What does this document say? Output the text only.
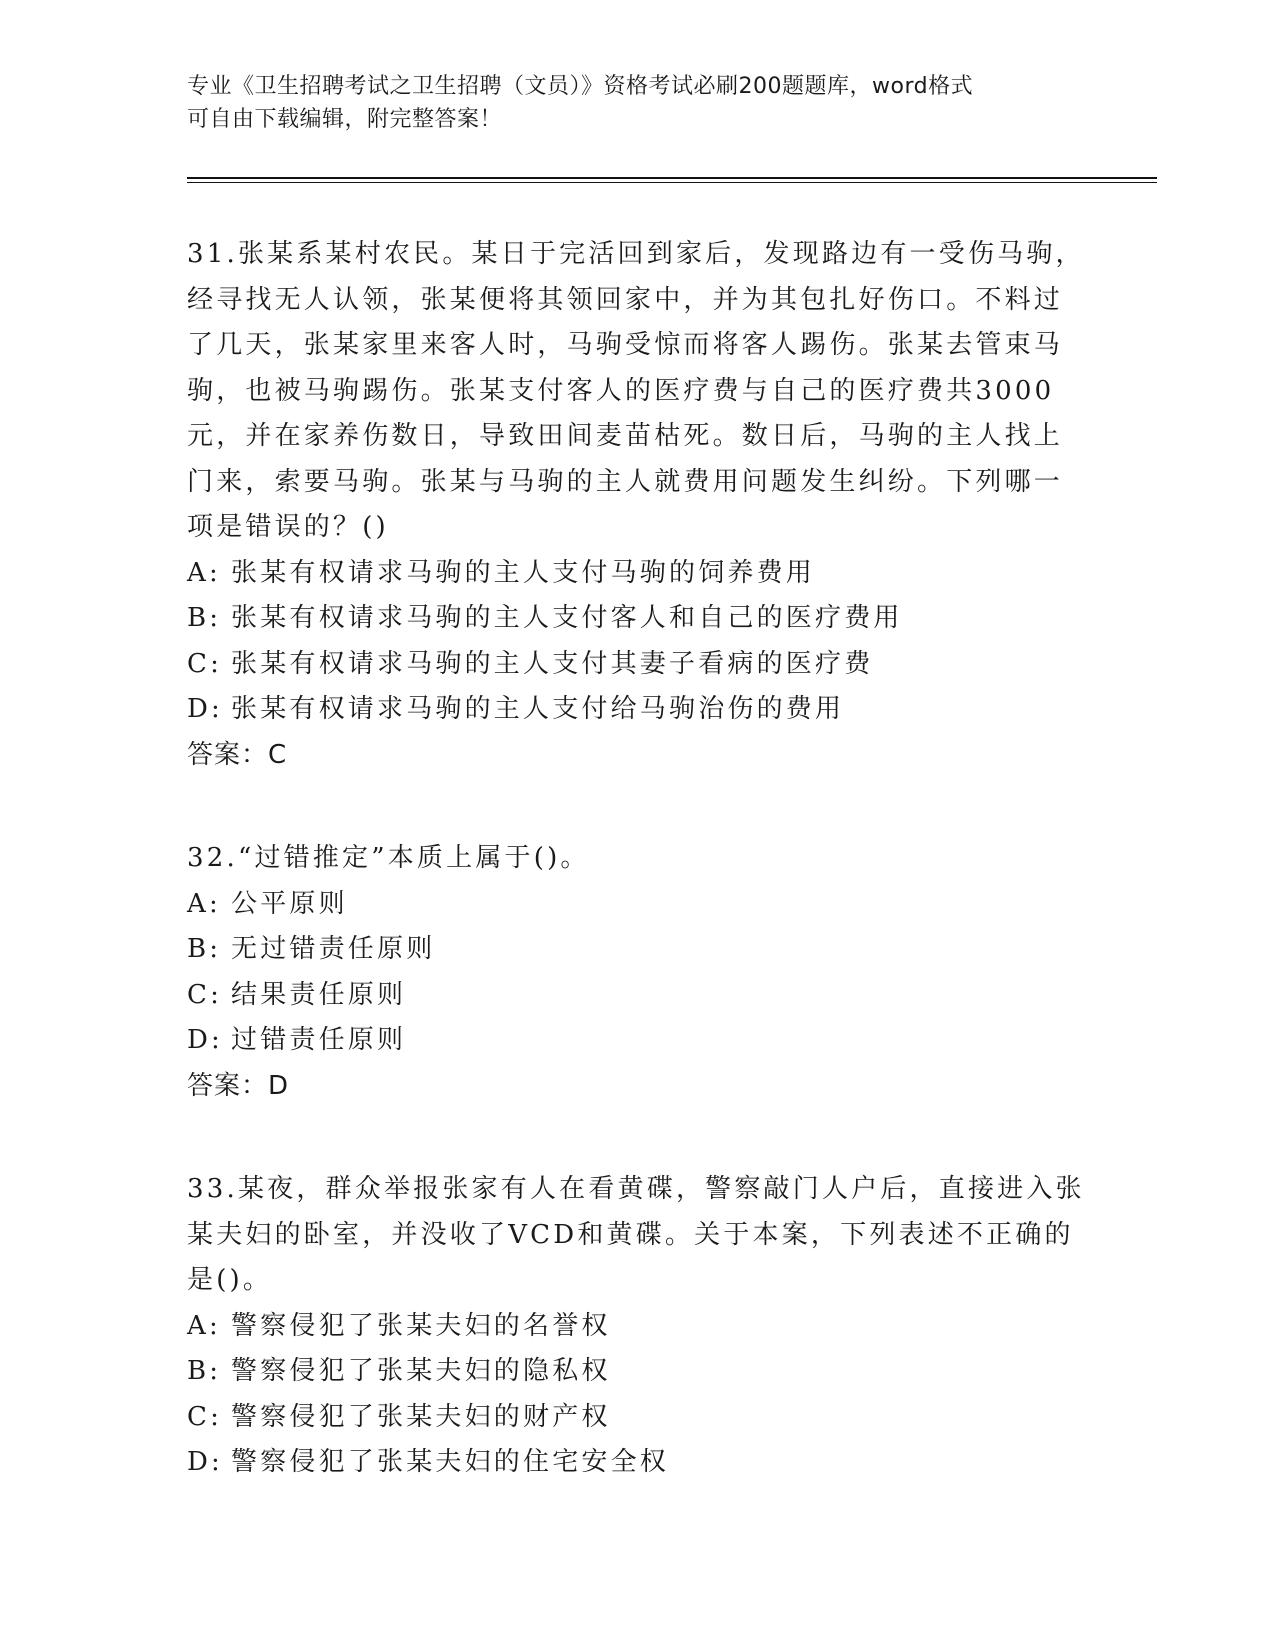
专业《卫生招聘考试之卫生招聘（文员）》资格考试必刷200题题库，word格式
可自由下载编辑，附完整答案！

31.张某系某村农民。某日于完活回到家后，发现路边有一受伤马驹，经寻找无人认领，张某便将其领回家中，并为其包扎好伤口。不料过了几天，张某家里来客人时，马驹受惊而将客人踢伤。张某去管束马驹，也被马驹踢伤。张某支付客人的医疗费与自己的医疗费共3000元，并在家养伤数日，导致田间麦苗枯死。数日后，马驹的主人找上门来，索要马驹。张某与马驹的主人就费用问题发生纠纷。下列哪一项是错误的？()

A: 张某有权请求马驹的主人支付马驹的饲养费用

B: 张某有权请求马驹的主人支付客人和自己的医疗费用

C: 张某有权请求马驹的主人支付其妻子看病的医疗费

D: 张某有权请求马驹的主人支付给马驹治伤的费用

答案：C

32.“过错推定”本质上属于()。

A: 公平原则

B: 无过错责任原则

C: 结果责任原则

D: 过错责任原则

答案：D

33.某夜，群众举报张家有人在看黄碟，警察敲门人户后，直接进入张某夫妇的卧室，并没收了VCD和黄碟。关于本案，下列表述不正确的是()。

A: 警察侵犯了张某夫妇的名誉权

B: 警察侵犯了张某夫妇的隐私权

C: 警察侵犯了张某夫妇的财产权

D: 警察侵犯了张某夫妇的住宅安全权
